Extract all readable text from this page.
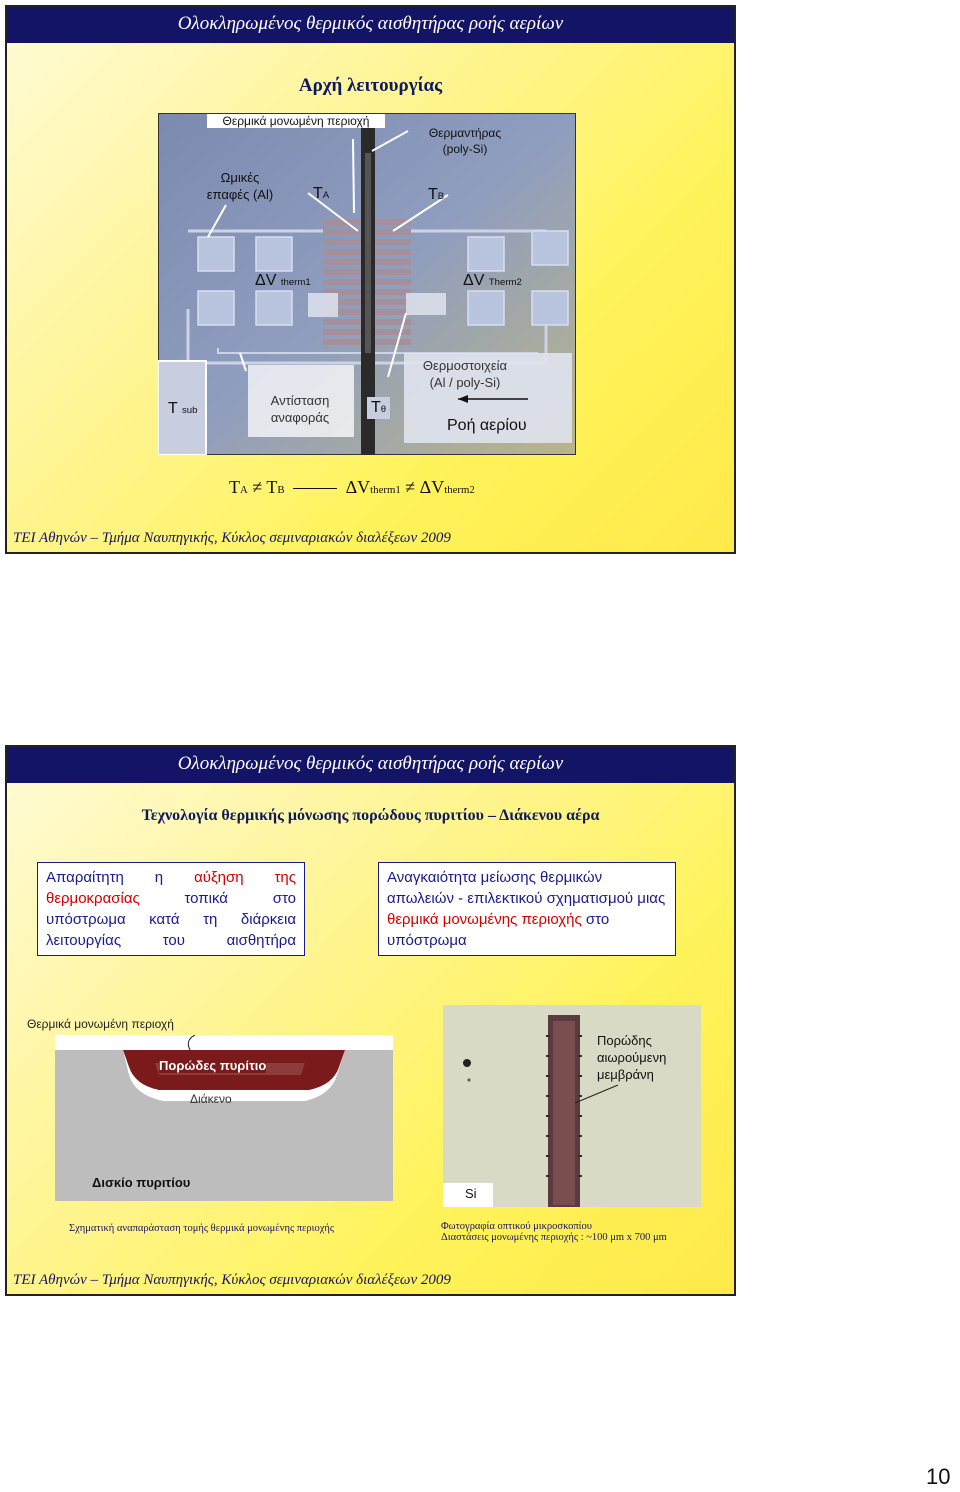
Ολοκληρωμένος θερμικός αισθητήρας ροής αερίων
Αρχή λειτουργίας
Θερμικά μονωμένη περιοχή
Θερμαντήρας
(poly-Si)
Ωμικές
επαφές (Al) TA	TB
ΔV therm1	ΔV Therm2
T sub
Αντίσταση
αναφοράς
Tθ
Θερμοστοιχεία
(Al / poly-Si)
Ροή αερίου
TA ≠ TB	ΔVtherm1 ≠ ΔVtherm2
ΤΕΙ Αθηνών – Τμήμα Ναυπηγικής, Κύκλος σεμιναριακών διαλέξεων 2009
Ολοκληρωμένος θερμικός αισθητήρας ροής αερίων
Τεχνολογία θερμικής μόνωσης πορώδους πυριτίου – Διάκενου αέρα
Απαραίτητη η αύξηση της θερμοκρασίας	τοπικά στο υπόστρωμα κατά τη διάρκεια λειτουργίας του αισθητήρα
Αναγκαιότητα μείωσης θερμικών απωλειών - επιλεκτικού σχηματισμού μιας θερμικά μονωμένης περιοχής στο υπόστρωμα
Θερμικά μονωμένη περιοχή
Πορώδες πυρίτιο
Διάκενο
Δισκίο πυριτίου
Σχηματική αναπαράσταση τομής θερμικά μονωμένης περιοχής
Πορώδης
αιωρούμενη
μεμβράνη
Si
Φωτογραφία οπτικού μικροσκοπίου
Διαστάσεις μονωμένης περιοχής : ~100 μm x 700 μm
ΤΕΙ Αθηνών – Τμήμα Ναυπηγικής, Κύκλος σεμιναριακών διαλέξεων 2009
10
